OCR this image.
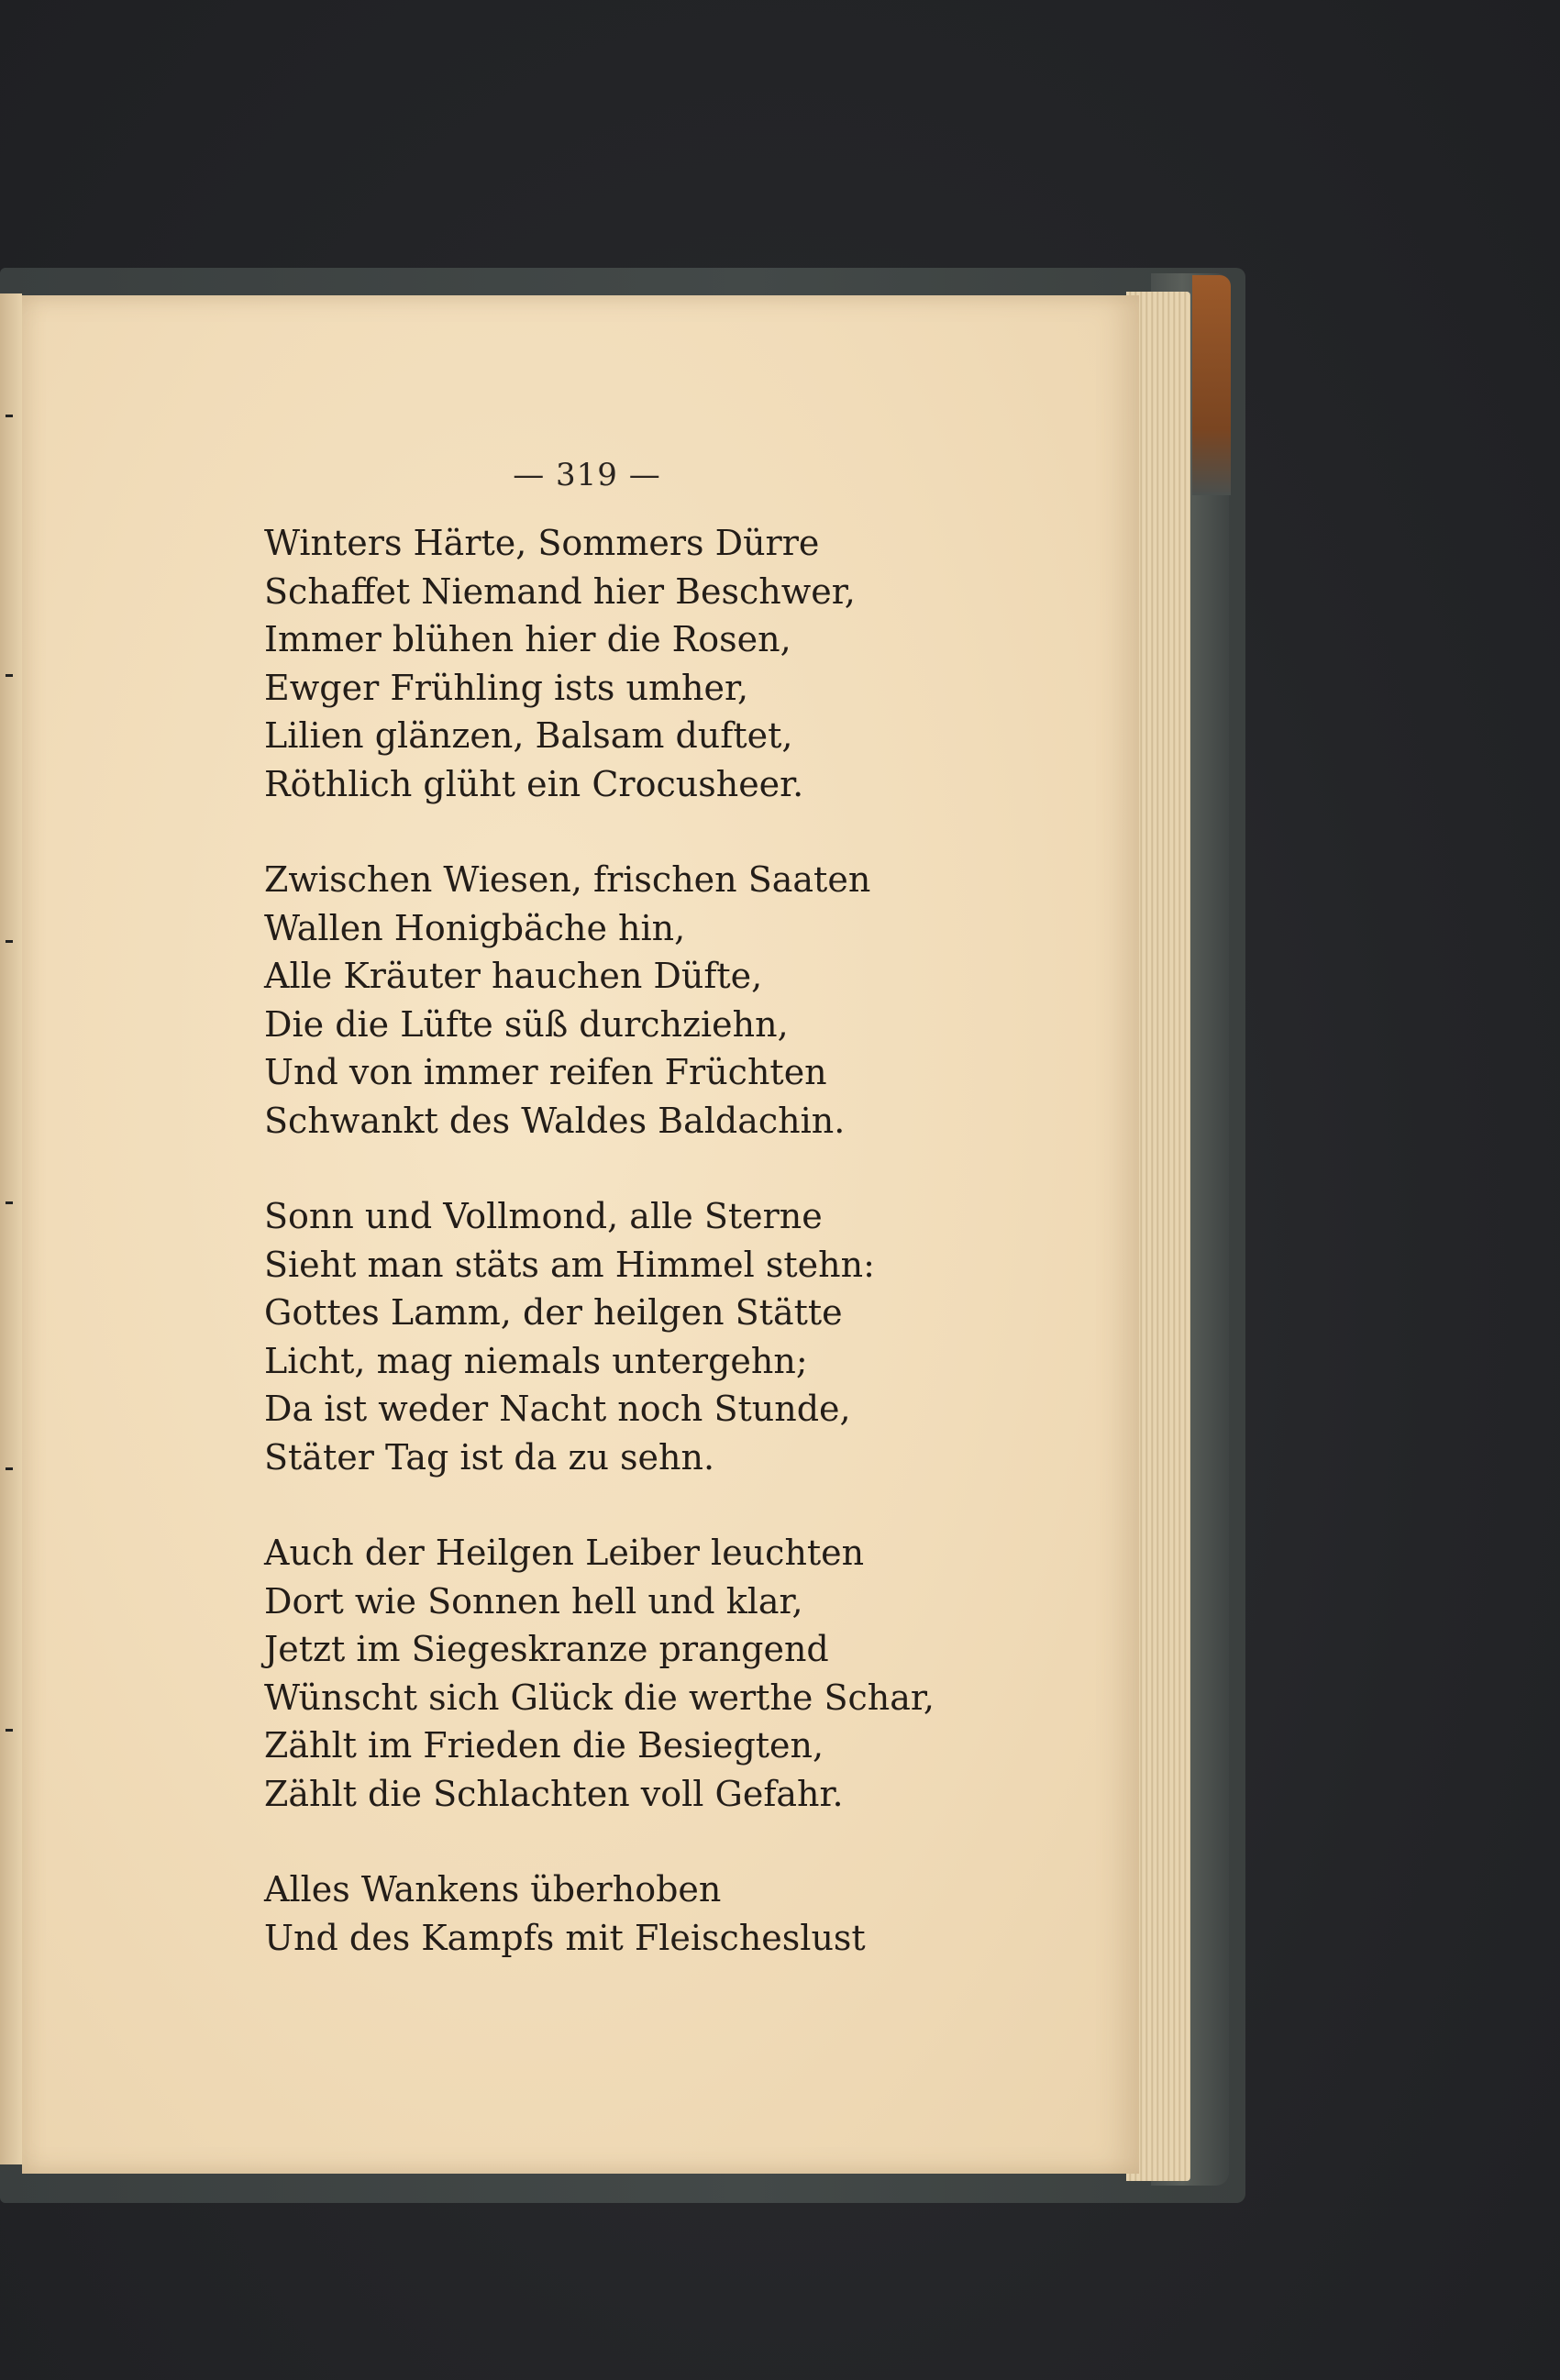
— 319 —
Winters Härte, Sommers Dürre
Schaffet Niemand hier Beschwer,
Immer blühen hier die Rosen,
Ewger Frühling ists umher,
Lilien glänzen, Balsam duftet,
Röthlich glüht ein Crocusheer.
Zwischen Wiesen, frischen Saaten
Wallen Honigbäche hin,
Alle Kräuter hauchen Düfte,
Die die Lüfte süß durchziehn,
Und von immer reifen Früchten
Schwankt des Waldes Baldachin.
Sonn und Vollmond, alle Sterne
Sieht man stäts am Himmel stehn:
Gottes Lamm, der heilgen Stätte
Licht, mag niemals untergehn;
Da ist weder Nacht noch Stunde,
Stäter Tag ist da zu sehn.
Auch der Heilgen Leiber leuchten
Dort wie Sonnen hell und klar,
Jetzt im Siegeskranze prangend
Wünscht sich Glück die werthe Schar,
Zählt im Frieden die Besiegten,
Zählt die Schlachten voll Gefahr.
Alles Wankens überhoben
Und des Kampfs mit Fleischeslust
